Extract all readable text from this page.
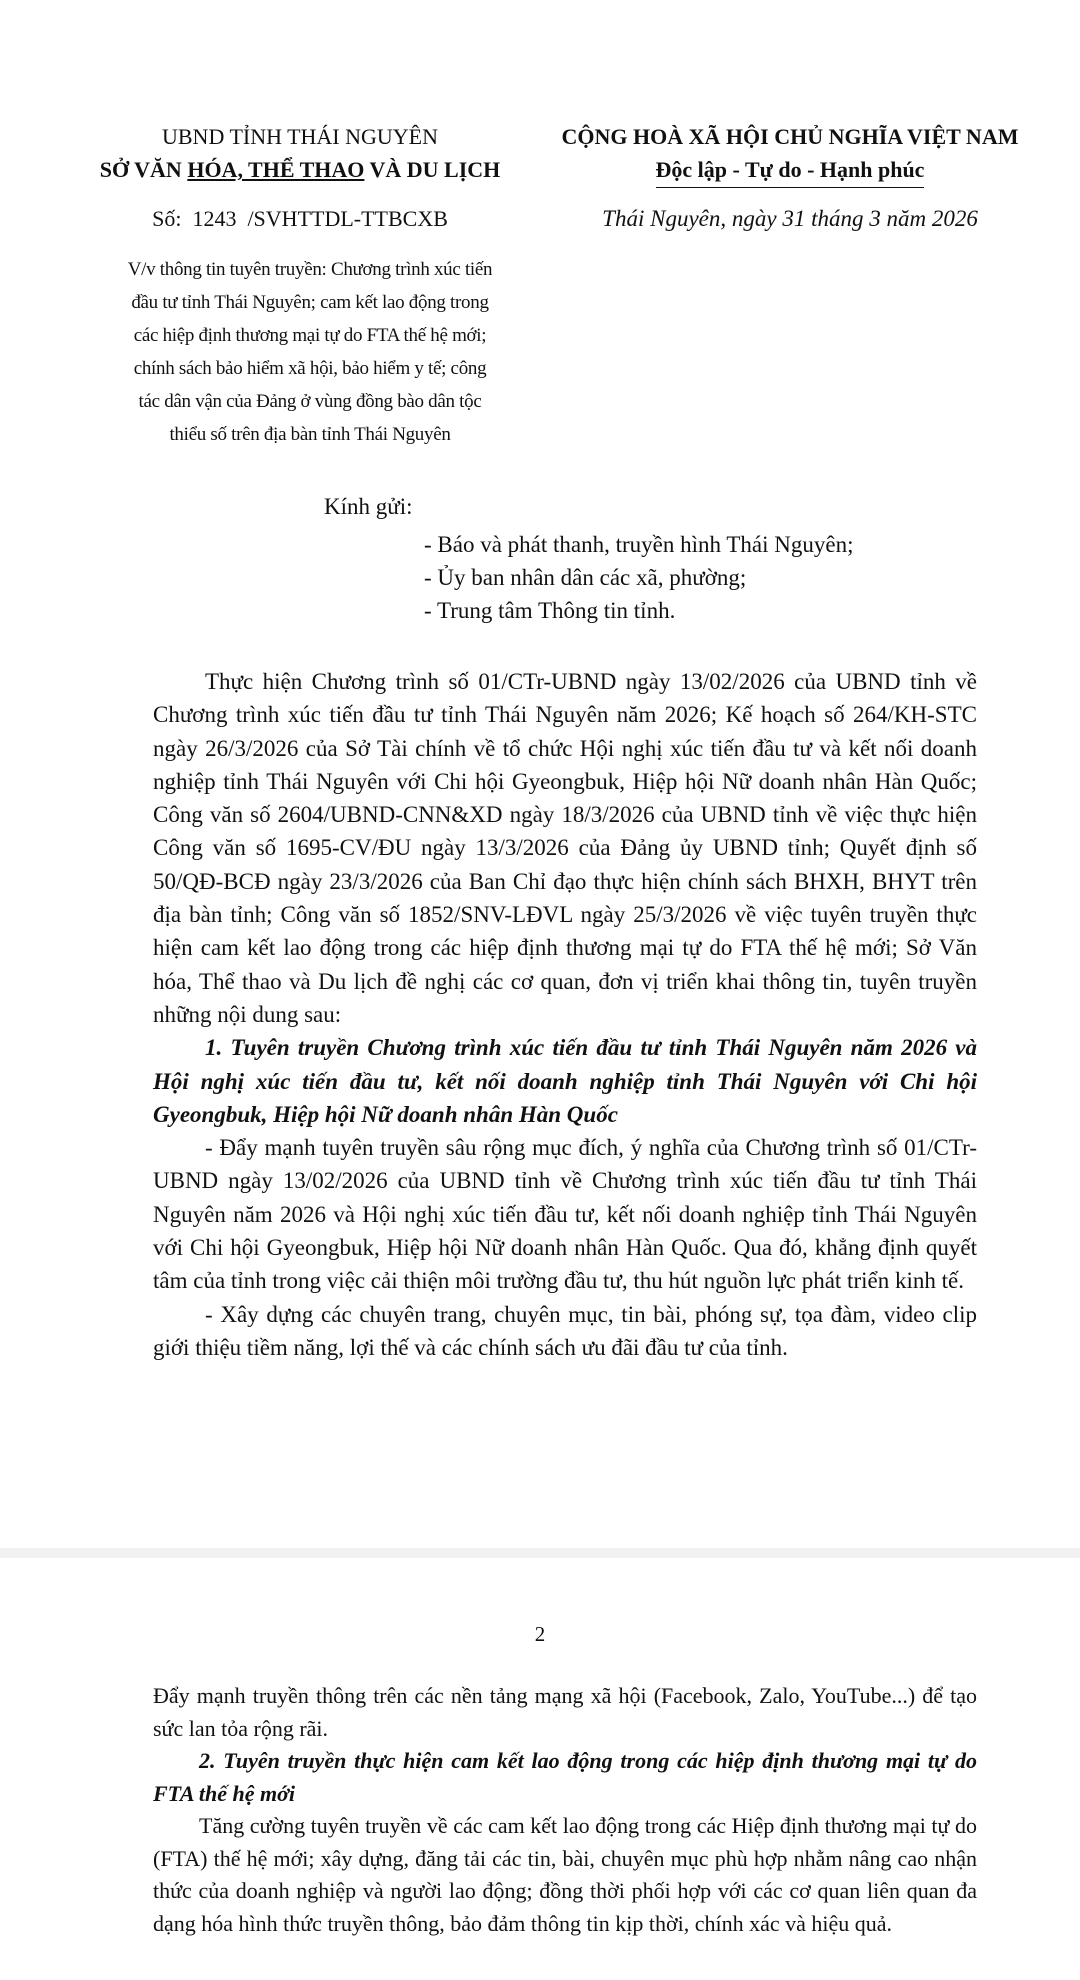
UBND TỈNH THÁI NGUYÊN
SỞ VĂN HÓA, THỂ THAO VÀ DU LỊCH
CỘNG HOÀ XÃ HỘI CHỦ NGHĨA VIỆT NAM
Độc lập - Tự do - Hạnh phúc
Số:  1243  /SVHTTDL-TTBCXB	Thái Nguyên, ngày 31 tháng 3 năm 2026
V/v thông tin tuyên truyền: Chương trình xúc tiến
đầu tư tỉnh Thái Nguyên; cam kết lao động trong
các hiệp định thương mại tự do FTA thế hệ mới;
chính sách bảo hiểm xã hội, bảo hiểm y tế; công
tác dân vận của Đảng ở vùng đồng bào dân tộc
thiểu số trên địa bàn tỉnh Thái Nguyên
Kính gửi:
- Báo và phát thanh, truyền hình Thái Nguyên;
- Ủy ban nhân dân các xã, phường;
- Trung tâm Thông tin tỉnh.

Thực hiện Chương trình số 01/CTr-UBND ngày 13/02/2026 của UBND tỉnh về Chương trình xúc tiến đầu tư tỉnh Thái Nguyên năm 2026; Kế hoạch số 264/KH-STC ngày 26/3/2026 của Sở Tài chính về tổ chức Hội nghị xúc tiến đầu tư và kết nối doanh nghiệp tỉnh Thái Nguyên với Chi hội Gyeongbuk, Hiệp hội Nữ doanh nhân Hàn Quốc; Công văn số 2604/UBND-CNN&XD ngày 18/3/2026 của UBND tỉnh về việc thực hiện Công văn số 1695-CV/ĐU ngày 13/3/2026 của Đảng ủy UBND tỉnh; Quyết định số 50/QĐ-BCĐ ngày 23/3/2026 của Ban Chỉ đạo thực hiện chính sách BHXH, BHYT trên địa bàn tỉnh; Công văn số 1852/SNV-LĐVL ngày 25/3/2026 về việc tuyên truyền thực hiện cam kết lao động trong các hiệp định thương mại tự do FTA thế hệ mới; Sở Văn hóa, Thể thao và Du lịch đề nghị các cơ quan, đơn vị triển khai thông tin, tuyên truyền những nội dung sau:

1. Tuyên truyền Chương trình xúc tiến đầu tư tỉnh Thái Nguyên năm 2026 và Hội nghị xúc tiến đầu tư, kết nối doanh nghiệp tỉnh Thái Nguyên với Chi hội Gyeongbuk, Hiệp hội Nữ doanh nhân Hàn Quốc

- Đẩy mạnh tuyên truyền sâu rộng mục đích, ý nghĩa của Chương trình số 01/CTr-UBND ngày 13/02/2026 của UBND tỉnh về Chương trình xúc tiến đầu tư tỉnh Thái Nguyên năm 2026 và Hội nghị xúc tiến đầu tư, kết nối doanh nghiệp tỉnh Thái Nguyên với Chi hội Gyeongbuk, Hiệp hội Nữ doanh nhân Hàn Quốc. Qua đó, khẳng định quyết tâm của tỉnh trong việc cải thiện môi trường đầu tư, thu hút nguồn lực phát triển kinh tế.

- Xây dựng các chuyên trang, chuyên mục, tin bài, phóng sự, tọa đàm, video clip giới thiệu tiềm năng, lợi thế và các chính sách ưu đãi đầu tư của tỉnh.

2

Đẩy mạnh truyền thông trên các nền tảng mạng xã hội (Facebook, Zalo, YouTube...) để tạo sức lan tỏa rộng rãi.

2. Tuyên truyền thực hiện cam kết lao động trong các hiệp định thương mại tự do FTA thế hệ mới

Tăng cường tuyên truyền về các cam kết lao động trong các Hiệp định thương mại tự do (FTA) thế hệ mới; xây dựng, đăng tải các tin, bài, chuyên mục phù hợp nhằm nâng cao nhận thức của doanh nghiệp và người lao động; đồng thời phối hợp với các cơ quan liên quan đa dạng hóa hình thức truyền thông, bảo đảm thông tin kịp thời, chính xác và hiệu quả.
